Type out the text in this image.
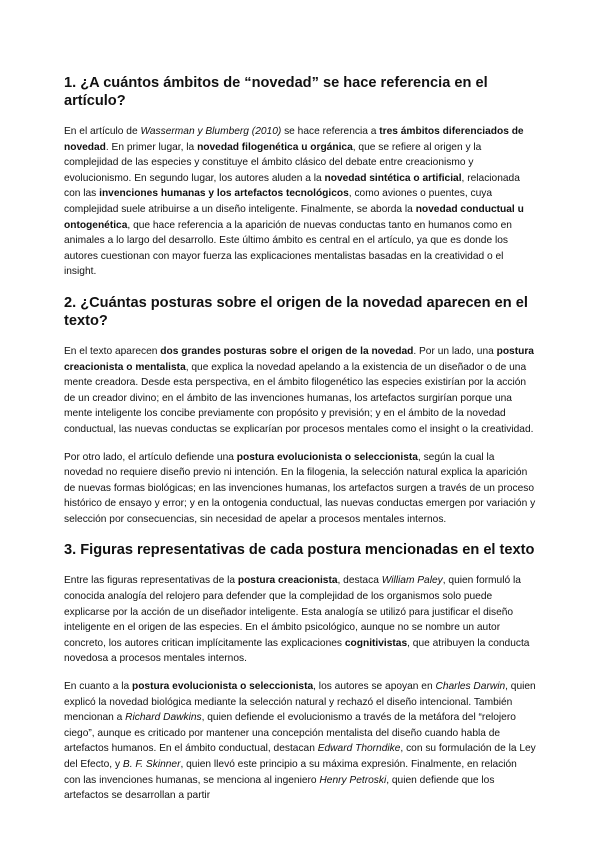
1. ¿A cuántos ámbitos de “novedad” se hace referencia en el artículo?

En el artículo de Wasserman y Blumberg (2010) se hace referencia a tres ámbitos diferenciados de novedad. En primer lugar, la novedad filogenética u orgánica, que se refiere al origen y la complejidad de las especies y constituye el ámbito clásico del debate entre creacionismo y evolucionismo. En segundo lugar, los autores aluden a la novedad sintética o artificial, relacionada con las invenciones humanas y los artefactos tecnológicos, como aviones o puentes, cuya complejidad suele atribuirse a un diseño inteligente. Finalmente, se aborda la novedad conductual u ontogenética, que hace referencia a la aparición de nuevas conductas tanto en humanos como en animales a lo largo del desarrollo. Este último ámbito es central en el artículo, ya que es donde los autores cuestionan con mayor fuerza las explicaciones mentalistas basadas en la creatividad o el insight.

2. ¿Cuántas posturas sobre el origen de la novedad aparecen en el texto?

En el texto aparecen dos grandes posturas sobre el origen de la novedad. Por un lado, una postura creacionista o mentalista, que explica la novedad apelando a la existencia de un diseñador o de una mente creadora. Desde esta perspectiva, en el ámbito filogenético las especies existirían por la acción de un creador divino; en el ámbito de las invenciones humanas, los artefactos surgirían porque una mente inteligente los concibe previamente con propósito y previsión; y en el ámbito de la novedad conductual, las nuevas conductas se explicarían por procesos mentales como el insight o la creatividad.

Por otro lado, el artículo defiende una postura evolucionista o seleccionista, según la cual la novedad no requiere diseño previo ni intención. En la filogenia, la selección natural explica la aparición de nuevas formas biológicas; en las invenciones humanas, los artefactos surgen a través de un proceso histórico de ensayo y error; y en la ontogenia conductual, las nuevas conductas emergen por variación y selección por consecuencias, sin necesidad de apelar a procesos mentales internos.

3. Figuras representativas de cada postura mencionadas en el texto

Entre las figuras representativas de la postura creacionista, destaca William Paley, quien formuló la conocida analogía del relojero para defender que la complejidad de los organismos solo puede explicarse por la acción de un diseñador inteligente. Esta analogía se utilizó para justificar el diseño inteligente en el origen de las especies. En el ámbito psicológico, aunque no se nombre un autor concreto, los autores critican implícitamente las explicaciones cognitivistas, que atribuyen la conducta novedosa a procesos mentales internos.

En cuanto a la postura evolucionista o seleccionista, los autores se apoyan en Charles Darwin, quien explicó la novedad biológica mediante la selección natural y rechazó el diseño intencional. También mencionan a Richard Dawkins, quien defiende el evolucionismo a través de la metáfora del “relojero ciego”, aunque es criticado por mantener una concepción mentalista del diseño cuando habla de artefactos humanos. En el ámbito conductual, destacan Edward Thorndike, con su formulación de la Ley del Efecto, y B. F. Skinner, quien llevó este principio a su máxima expresión. Finalmente, en relación con las invenciones humanas, se menciona al ingeniero Henry Petroski, quien defiende que los artefactos se desarrollan a partir
